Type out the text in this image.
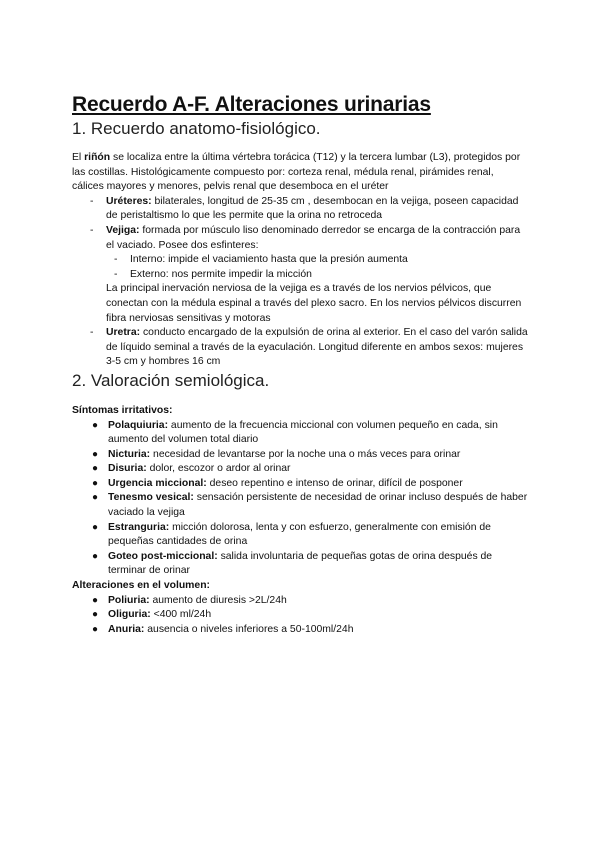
Recuerdo A-F. Alteraciones urinarias
1. Recuerdo anatomo-fisiológico.

El riñón se localiza entre la última vértebra torácica (T12) y la tercera lumbar (L3), protegidos por las costillas. Histológicamente compuesto por: corteza renal, médula renal, pirámides renal, cálices mayores y menores, pelvis renal que desemboca en el uréter

- Uréteres: bilaterales, longitud de 25-35 cm , desembocan en la vejiga, poseen capacidad de peristaltismo lo que les permite que la orina no retroceda
- Vejiga: formada por músculo liso denominado derredor se encarga de la contracción para el vaciado. Posee dos esfinteres:
- Interno: impide el vaciamiento hasta que la presión aumenta
- Externo: nos permite impedir la micción
La principal inervación nerviosa de la vejiga es a través de los nervios pélvicos, que conectan con la médula espinal a través del plexo sacro. En los nervios pélvicos discurren fibra nerviosas sensitivas y motoras
- Uretra: conducto encargado de la expulsión de orina al exterior. En el caso del varón salida de líquido seminal a través de la eyaculación. Longitud diferente en ambos sexos: mujeres 3-5 cm y hombres 16 cm
2. Valoración semiológica.
Síntomas irritativos:
● Polaquiuria: aumento de la frecuencia miccional con volumen pequeño en cada, sin aumento del volumen total diario
● Nicturia: necesidad de levantarse por la noche una o más veces para orinar
● Disuria: dolor, escozor o ardor al orinar
● Urgencia miccional: deseo repentino e intenso de orinar, difícil de posponer
● Tenesmo vesical: sensación persistente de necesidad de orinar incluso después de haber vaciado la vejiga
● Estranguria: micción dolorosa, lenta y con esfuerzo, generalmente con emisión de pequeñas cantidades de orina
● Goteo post-miccional: salida involuntaria de pequeñas gotas de orina después de terminar de orinar
Alteraciones en el volumen:
● Poliuria: aumento de diuresis >2L/24h
● Oliguria: <400 ml/24h
● Anuria: ausencia o niveles inferiores a 50-100ml/24h
